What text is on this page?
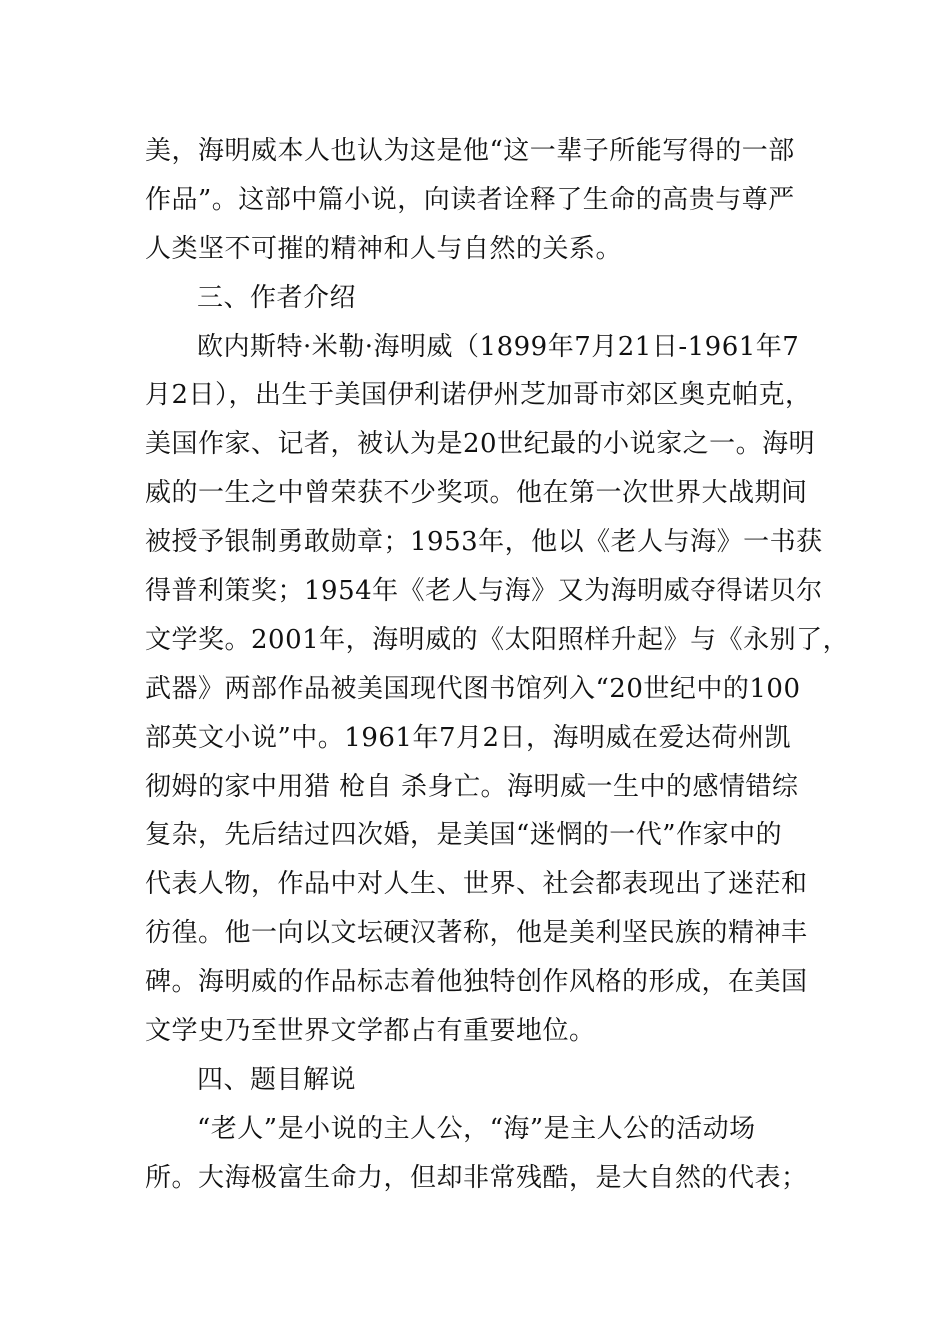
美，海明威本人也认为这是他“这一辈子所能写得的一部
作品”。这部中篇小说，向读者诠释了生命的高贵与尊严
人类坚不可摧的精神和人与自然的关系。
三、作者介绍
欧内斯特·米勒·海明威（1899年7月21日-1961年7
月2日），出生于美国伊利诺伊州芝加哥市郊区奥克帕克，
美国作家、记者，被认为是20世纪最的小说家之一。海明
威的一生之中曾荣获不少奖项。他在第一次世界大战期间
被授予银制勇敢勋章；1953年，他以《老人与海》一书获
得普利策奖；1954年《老人与海》又为海明威夺得诺贝尔
文学奖。2001年，海明威的《太阳照样升起》与《永别了，
武器》两部作品被美国现代图书馆列入“20世纪中的100
部英文小说”中。1961年7月2日，海明威在爱达荷州凯
彻姆的家中用猎 枪自 杀身亡。海明威一生中的感情错综
复杂，先后结过四次婚，是美国“迷惘的一代”作家中的
代表人物，作品中对人生、世界、社会都表现出了迷茫和
彷徨。他一向以文坛硬汉著称，他是美利坚民族的精神丰
碑。海明威的作品标志着他独特创作风格的形成，在美国
文学史乃至世界文学都占有重要地位。
四、题目解说
“老人”是小说的主人公，“海”是主人公的活动场
所。大海极富生命力，但却非常残酷，是大自然的代表；
